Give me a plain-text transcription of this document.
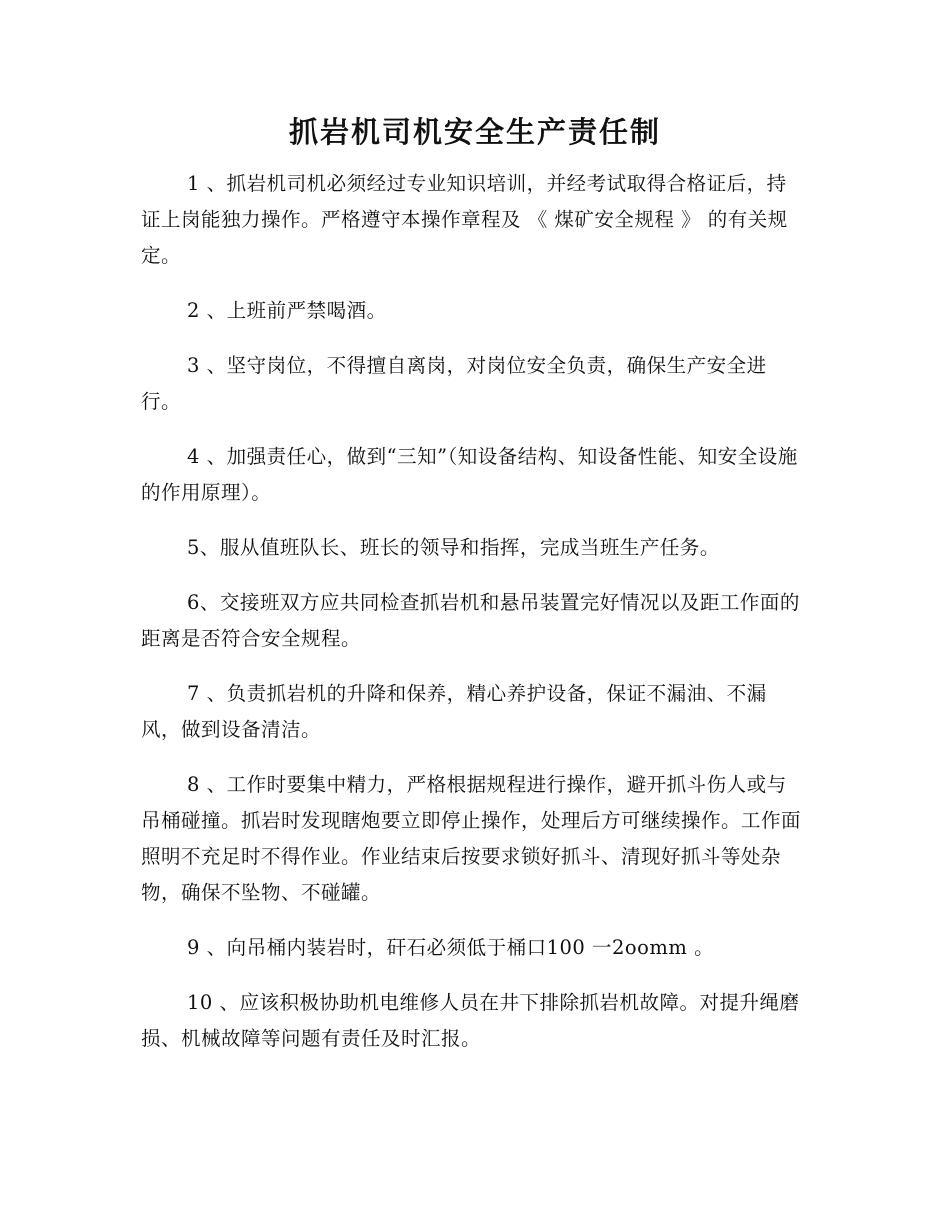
抓岩机司机安全生产责任制

1 、抓岩机司机必须经过专业知识培训，并经考试取得合格证后，持证上岗能独力操作。严格遵守本操作章程及 《 煤矿安全规程 》 的有关规定。

2 、上班前严禁喝酒。

3 、坚守岗位，不得擅自离岗，对岗位安全负责，确保生产安全进行。

4 、加强责任心，做到“三知”（知设备结构、知设备性能、知安全设施的作用原理）。

5、服从值班队长、班长的领导和指挥，完成当班生产任务。

6、交接班双方应共同检查抓岩机和悬吊装置完好情况以及距工作面的距离是否符合安全规程。

7 、负责抓岩机的升降和保养，精心养护设备，保证不漏油、不漏风，做到设备清洁。

8 、工作时要集中精力，严格根据规程进行操作，避开抓斗伤人或与吊桶碰撞。抓岩时发现瞎炮要立即停止操作，处理后方可继续操作。工作面照明不充足时不得作业。作业结束后按要求锁好抓斗、清现好抓斗等处杂物，确保不坠物、不碰罐。

9 、向吊桶内装岩时，矸石必须低于桶口100 一2oomm 。

10 、应该积极协助机电维修人员在井下排除抓岩机故障。对提升绳磨损、机械故障等问题有责任及时汇报。
